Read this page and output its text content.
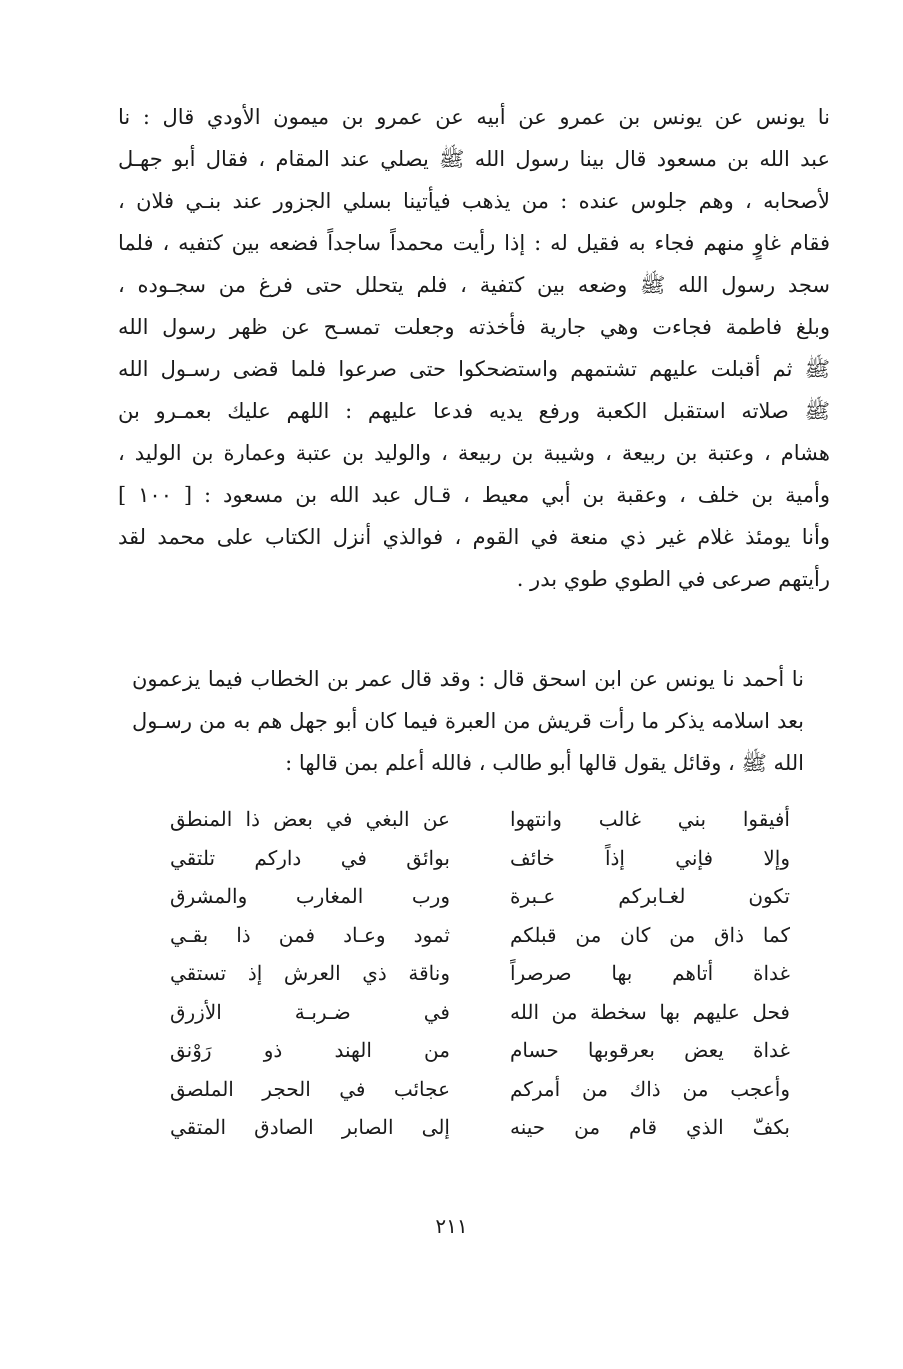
نا يونس عن يونس بن عمرو عن أبيه عن عمرو بن ميمون الأودي قال : نا
عبد الله بن مسعود قال بينا رسول الله ﷺ يصلي عند المقام ، فقال أبو جهـل
لأصحابه ، وهم جلوس عنده : من يذهب فيأتينا بسلي الجزور عند بنـي فلان ،
فقام غاوٍ منهم فجاء به فقيل له : إذا رأيت محمداً ساجداً فضعه بين كتفيه ، فلما
سجد رسول الله ﷺ وضعه بين كتفية ، فلم يتحلل حتى فرغ من سجـوده ،
وبلغ فاطمة فجاءت وهي جارية فأخذته وجعلت تمسـح عن ظهر رسول الله
ﷺ ثم أقبلت عليهم تشتمهم واستضحكوا حتى صرعوا فلما قضى رسـول الله
ﷺ صلاته استقبل الكعبة ورفع يديه فدعا عليهم : اللهم عليك بعمـرو بن
هشام ، وعتبة بن ربيعة ، وشيبة بن ربيعة ، والوليد بن عتبة وعمارة بن الوليد ،
وأمية بن خلف ، وعقبة بن أبي معيط ، قـال عبد الله بن مسعود : [ ١٠٠ ]
وأنا يومئذ غلام غير ذي منعة في القوم ، فوالذي أنزل الكتاب على محمد لقد
رأيتهم صرعى في الطوي طوي بدر .
نا أحمد نا يونس عن ابن اسحق قال : وقد قال عمر بن الخطاب فيما يزعمون
بعد اسلامه يذكر ما رأت قريش من العبرة فيما كان أبو جهل هم به من رسـول
الله ﷺ ، وقائل يقول قالها أبو طالب ، فالله أعلم بمن قالها :
أفيقوا بني غالب وانتهوا
وإلا فإني إذاً خائف
تكون لغـابركم عـبرة
كما ذاق من كان من قبلكم
غداة أتاهم بها صرصراً
فحل عليهم بها سخطة من الله
غداة يعض بعرقوبها حسام
وأعجب من ذاك من أمركم
بكفّ الذي قام من حينه
عن البغي في بعض ذا المنطق
بوائق في داركم تلتقي
ورب المغارب والمشرق
ثمود وعـاد فمن ذا بقـي
وناقة ذي العرش إذ تستقي
في ضـربـة الأزرق
من الهند ذو رَوْنق
عجائب في الحجر الملصق
إلى الصابر الصادق المتقي
٢١١
